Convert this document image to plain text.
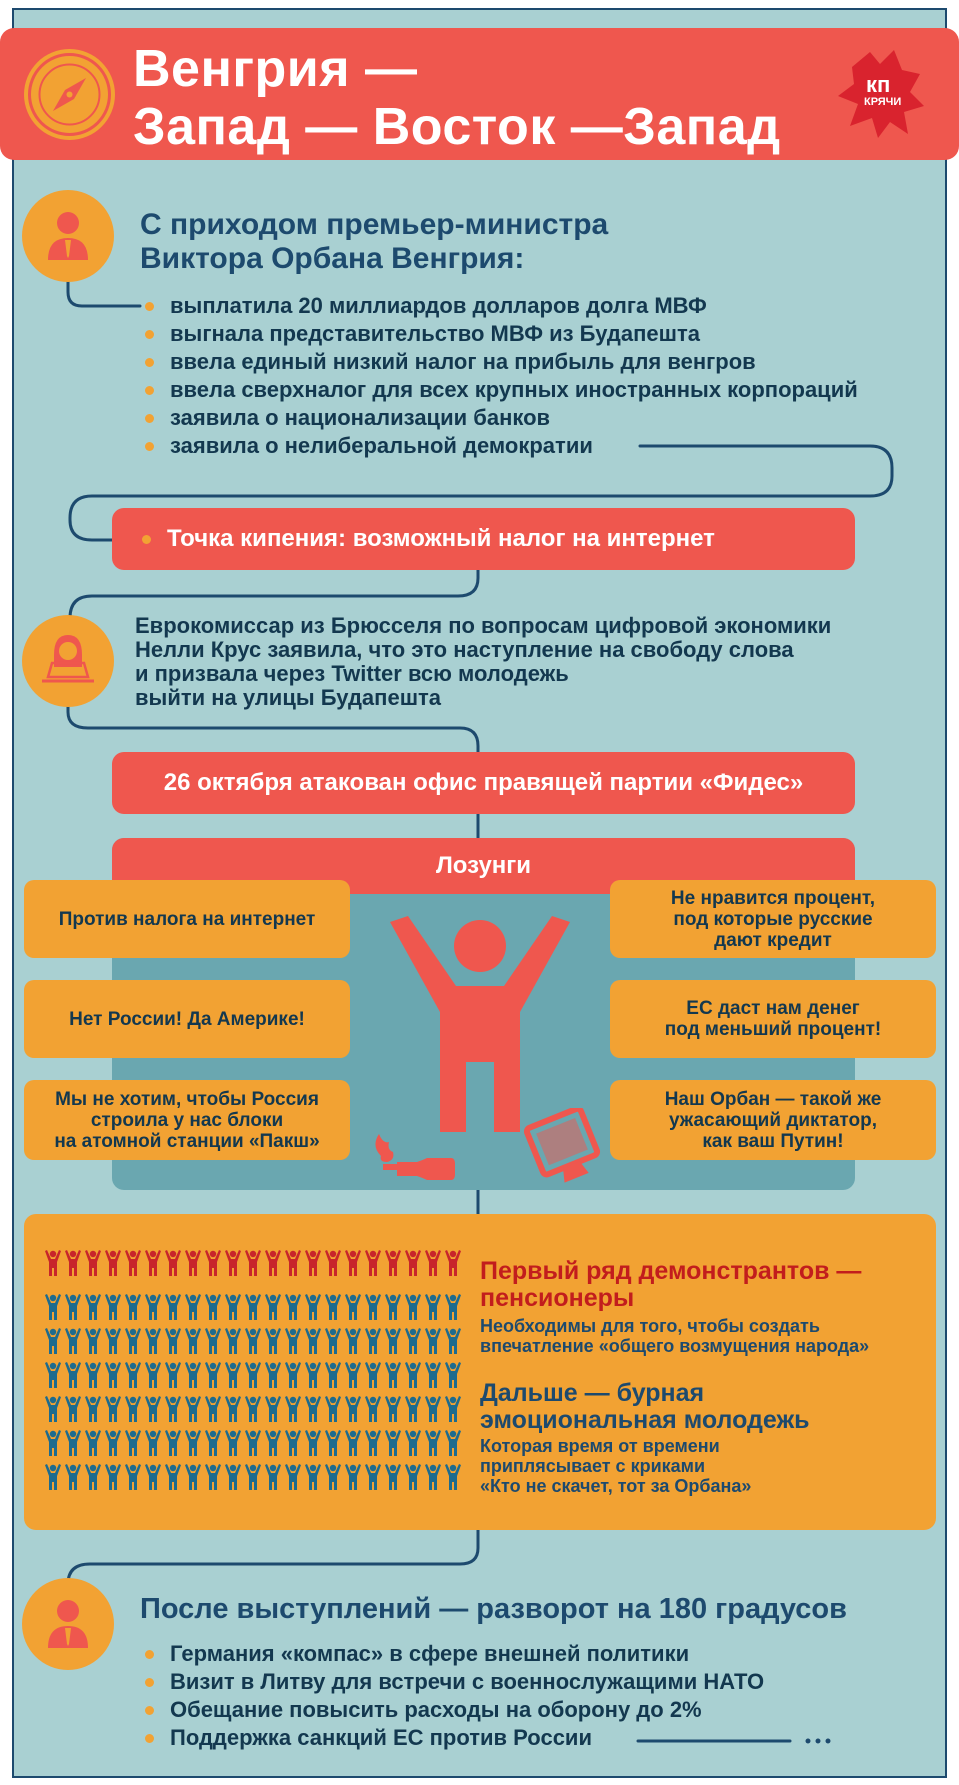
Венгрия —
Запад — Восток —Запад
кп
КРЯЧИ
С приходом премьер-министра
Виктора Орбана Венгрия:
выплатила 20 миллиардов долларов долга МВФ
выгнала представительство МВФ из Будапешта
ввела единый низкий налог на прибыль для венгров
ввела сверхналог для всех крупных иностранных корпораций
заявила о национализации банков
заявила о нелиберальной демократии
Точка кипения: возможный налог на интернет
Еврокомиссар из Брюсселя по вопросам цифровой экономики
Нелли Крус заявила, что это наступление на свободу слова
и призвала через Twitter всю молодежь
выйти на улицы Будапешта
26 октября атакован офис правящей партии «Фидес»
Лозунги
Против налога на интернет
Нет России! Да Америке!
Мы не хотим, чтобы Россия
строила у нас блоки
на атомной станции «Пакш»
Не нравится процент,
под которые русские
дают кредит
ЕС даст нам денег
под меньший процент!
Наш Орбан — такой же
ужасающий диктатор,
как ваш Путин!
Первый ряд демонстрантов —
пенсионеры
Необходимы для того, чтобы создать
впечатление «общего возмущения народа»
Дальше — бурная
эмоциональная молодежь
Которая время от времени
приплясывает с криками
«Кто не скачет, тот за Орбана»
После выступлений — разворот на 180 градусов
Германия «компас» в сфере внешней политики
Визит в Литву для встречи с военнослужащими НАТО
Обещание повысить расходы на оборону до 2%
Поддержка санкций ЕС против России
